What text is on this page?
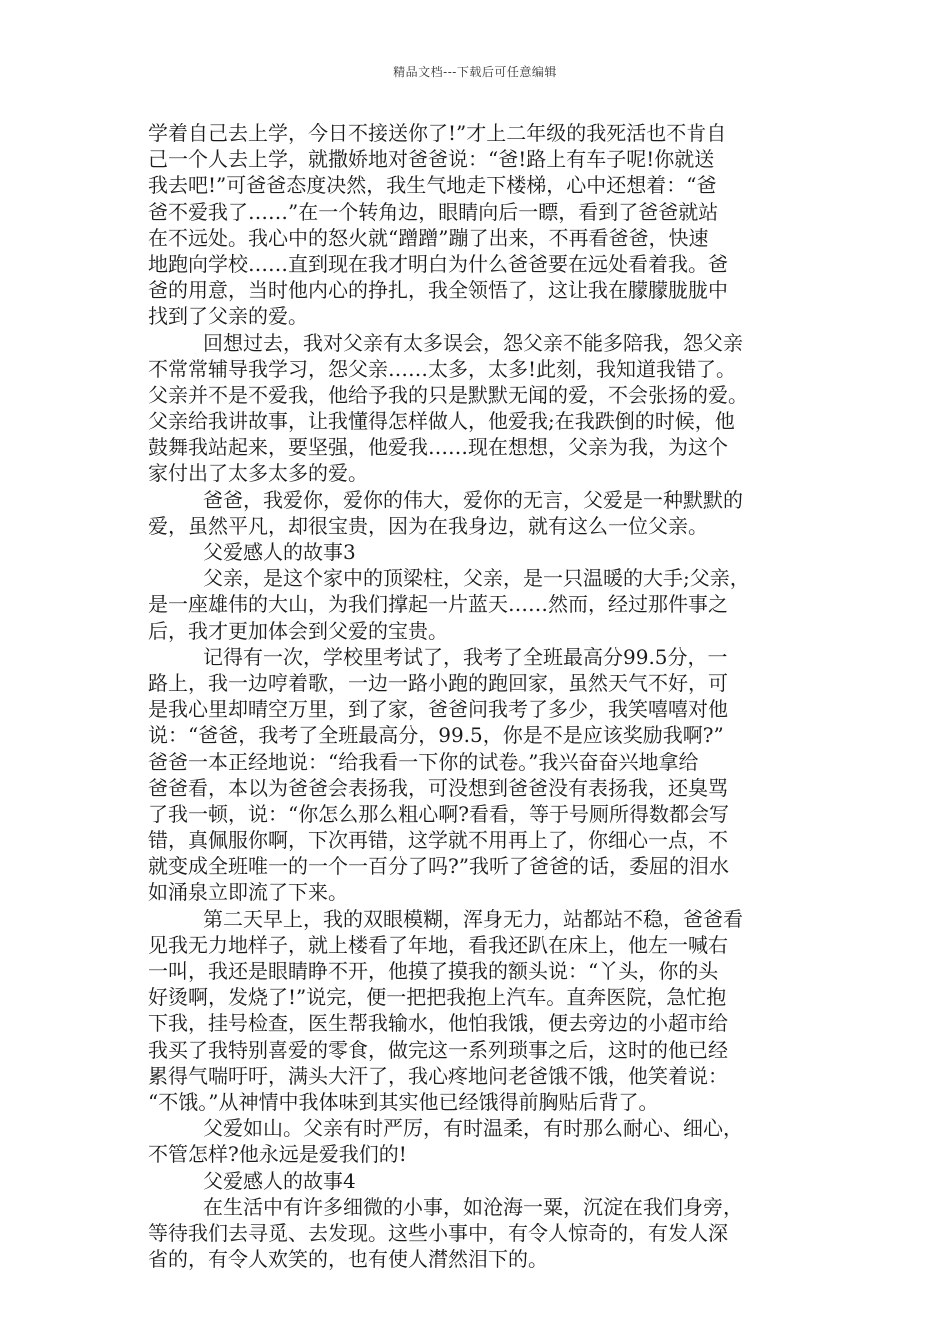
精品文档---下载后可任意编辑
学着自己去上学，今日不接送你了!”才上二年级的我死活也不肯自
己一个人去上学，就撒娇地对爸爸说：“爸!路上有车子呢!你就送
我去吧!”可爸爸态度决然，我生气地走下楼梯，心中还想着：“爸
爸不爱我了……”在一个转角边，眼睛向后一瞟，看到了爸爸就站
在不远处。我心中的怒火就“蹭蹭”蹦了出来，不再看爸爸，快速
地跑向学校……直到现在我才明白为什么爸爸要在远处看着我。爸
爸的用意，当时他内心的挣扎，我全领悟了，这让我在朦朦胧胧中
找到了父亲的爱。
回想过去，我对父亲有太多误会，怨父亲不能多陪我，怨父亲
不常常辅导我学习，怨父亲……太多，太多!此刻，我知道我错了。
父亲并不是不爱我，他给予我的只是默默无闻的爱，不会张扬的爱。
父亲给我讲故事，让我懂得怎样做人，他爱我;在我跌倒的时候，他
鼓舞我站起来，要坚强，他爱我……现在想想，父亲为我，为这个
家付出了太多太多的爱。
爸爸，我爱你，爱你的伟大，爱你的无言，父爱是一种默默的
爱，虽然平凡，却很宝贵，因为在我身边，就有这么一位父亲。
父爱感人的故事3
父亲，是这个家中的顶梁柱，父亲，是一只温暖的大手;父亲，
是一座雄伟的大山，为我们撑起一片蓝天……然而，经过那件事之
后，我才更加体会到父爱的宝贵。
记得有一次，学校里考试了，我考了全班最高分99.5分，一
路上，我一边哼着歌，一边一路小跑的跑回家，虽然天气不好，可
是我心里却晴空万里，到了家，爸爸问我考了多少，我笑嘻嘻对他
说：“爸爸，我考了全班最高分，99.5，你是不是应该奖励我啊?”
爸爸一本正经地说：“给我看一下你的试卷。”我兴奋奋兴地拿给
爸爸看，本以为爸爸会表扬我，可没想到爸爸没有表扬我，还臭骂
了我一顿，说：“你怎么那么粗心啊?看看，等于号厕所得数都会写
错，真佩服你啊，下次再错，这学就不用再上了，你细心一点，不
就变成全班唯一的一个一百分了吗?”我听了爸爸的话，委屈的泪水
如涌泉立即流了下来。
第二天早上，我的双眼模糊，浑身无力，站都站不稳，爸爸看
见我无力地样子，就上楼看了年地，看我还趴在床上，他左一喊右
一叫，我还是眼睛睁不开，他摸了摸我的额头说：“丫头，你的头
好烫啊，发烧了!”说完，便一把把我抱上汽车。直奔医院，急忙抱
下我，挂号检查，医生帮我输水，他怕我饿，便去旁边的小超市给
我买了我特别喜爱的零食，做完这一系列琐事之后，这时的他已经
累得气喘吁吁，满头大汗了，我心疼地问老爸饿不饿，他笑着说：
“不饿。”从神情中我体味到其实他已经饿得前胸贴后背了。
父爱如山。父亲有时严厉，有时温柔，有时那么耐心、细心，
不管怎样?他永远是爱我们的!
父爱感人的故事4
在生活中有许多细微的小事，如沧海一粟，沉淀在我们身旁，
等待我们去寻觅、去发现。这些小事中，有令人惊奇的，有发人深
省的，有令人欢笑的，也有使人潸然泪下的。
